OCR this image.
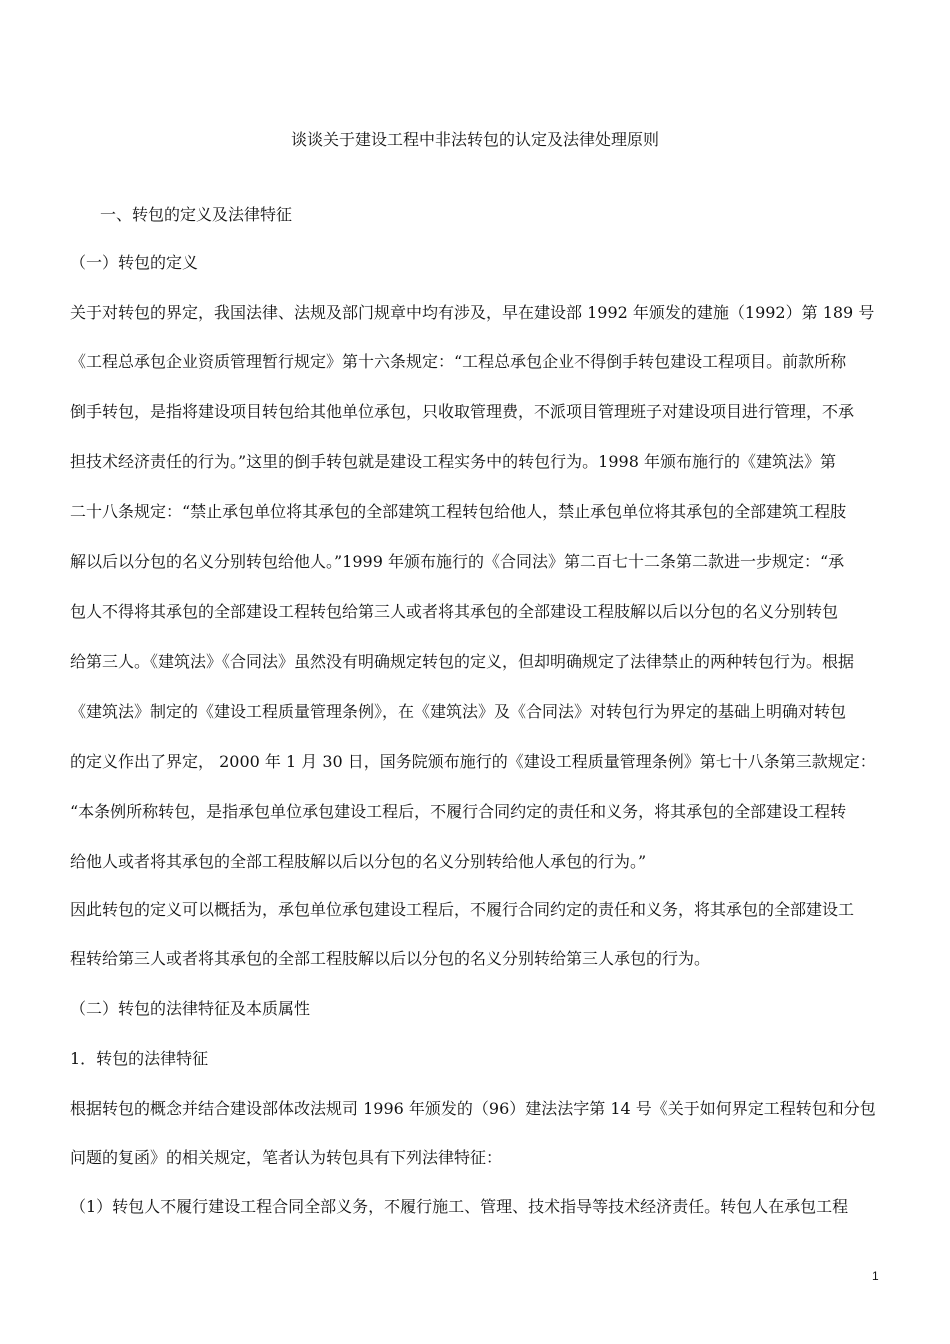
谈谈关于建设工程中非法转包的认定及法律处理原则
一、转包的定义及法律特征
（一）转包的定义
关于对转包的界定，我国法律、法规及部门规章中均有涉及，早在建设部 1992 年颁发的建施（1992）第 189 号
《工程总承包企业资质管理暂行规定》第十六条规定：“工程总承包企业不得倒手转包建设工程项目。前款所称
倒手转包，是指将建设项目转包给其他单位承包，只收取管理费，不派项目管理班子对建设项目进行管理，不承
担技术经济责任的行为。”这里的倒手转包就是建设工程实务中的转包行为。1998 年颁布施行的《建筑法》第
二十八条规定：“禁止承包单位将其承包的全部建筑工程转包给他人，禁止承包单位将其承包的全部建筑工程肢
解以后以分包的名义分别转包给他人。”1999 年颁布施行的《合同法》第二百七十二条第二款进一步规定：“承
包人不得将其承包的全部建设工程转包给第三人或者将其承包的全部建设工程肢解以后以分包的名义分别转包
给第三人。《建筑法》《合同法》虽然没有明确规定转包的定义，但却明确规定了法律禁止的两种转包行为。根据
《建筑法》制定的《建设工程质量管理条例》，在《建筑法》及《合同法》对转包行为界定的基础上明确对转包
的定义作出了界定， 2000 年 1 月 30 日，国务院颁布施行的《建设工程质量管理条例》第七十八条第三款规定：
“本条例所称转包，是指承包单位承包建设工程后，不履行合同约定的责任和义务，将其承包的全部建设工程转
给他人或者将其承包的全部工程肢解以后以分包的名义分别转给他人承包的行为。”
因此转包的定义可以概括为，承包单位承包建设工程后，不履行合同约定的责任和义务，将其承包的全部建设工
程转给第三人或者将其承包的全部工程肢解以后以分包的名义分别转给第三人承包的行为。
（二）转包的法律特征及本质属性
1．转包的法律特征
根据转包的概念并结合建设部体改法规司 1996 年颁发的（96）建法法字第 14 号《关于如何界定工程转包和分包
问题的复函》的相关规定，笔者认为转包具有下列法律特征：
（1）转包人不履行建设工程合同全部义务，不履行施工、管理、技术指导等技术经济责任。转包人在承包工程
1
